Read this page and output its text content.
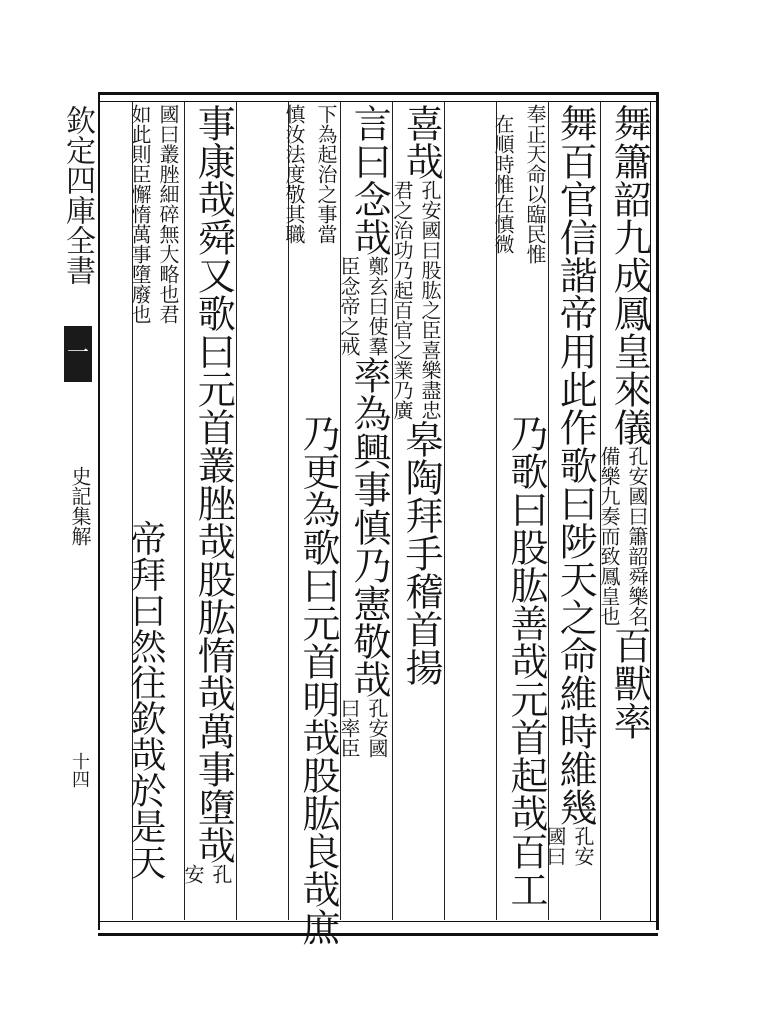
欽定四庫全書
一
史記集解
十四
舞簫韶九成鳳皇來儀
孔安國曰簫韶舜樂名
備樂九奏而致鳳皇也
百獸率
舞百官信諧帝用此作歌曰陟天之命維時維幾
孔安
國曰
奉正天命以臨民惟
在順時惟在慎微
乃歌曰股肱善哉元首起哉百工
喜哉
孔安國曰股肱之臣喜樂盡忠
君之治功乃起百官之業乃廣
皋陶拜手稽首揚
言曰念哉
鄭玄曰使羣
臣念帝之戒
率為興事慎乃憲敬哉
孔安國
曰率臣
下為起治之事當
慎汝法度敬其職
乃更為歌曰元首明哉股肱良哉庶
事康哉舜又歌曰元首叢脞哉股肱惰哉萬事墮哉
孔
安
國曰叢脞細碎無大略也君
如此則臣懈惰萬事墮廢也
帝拜曰然往欽哉於是天
